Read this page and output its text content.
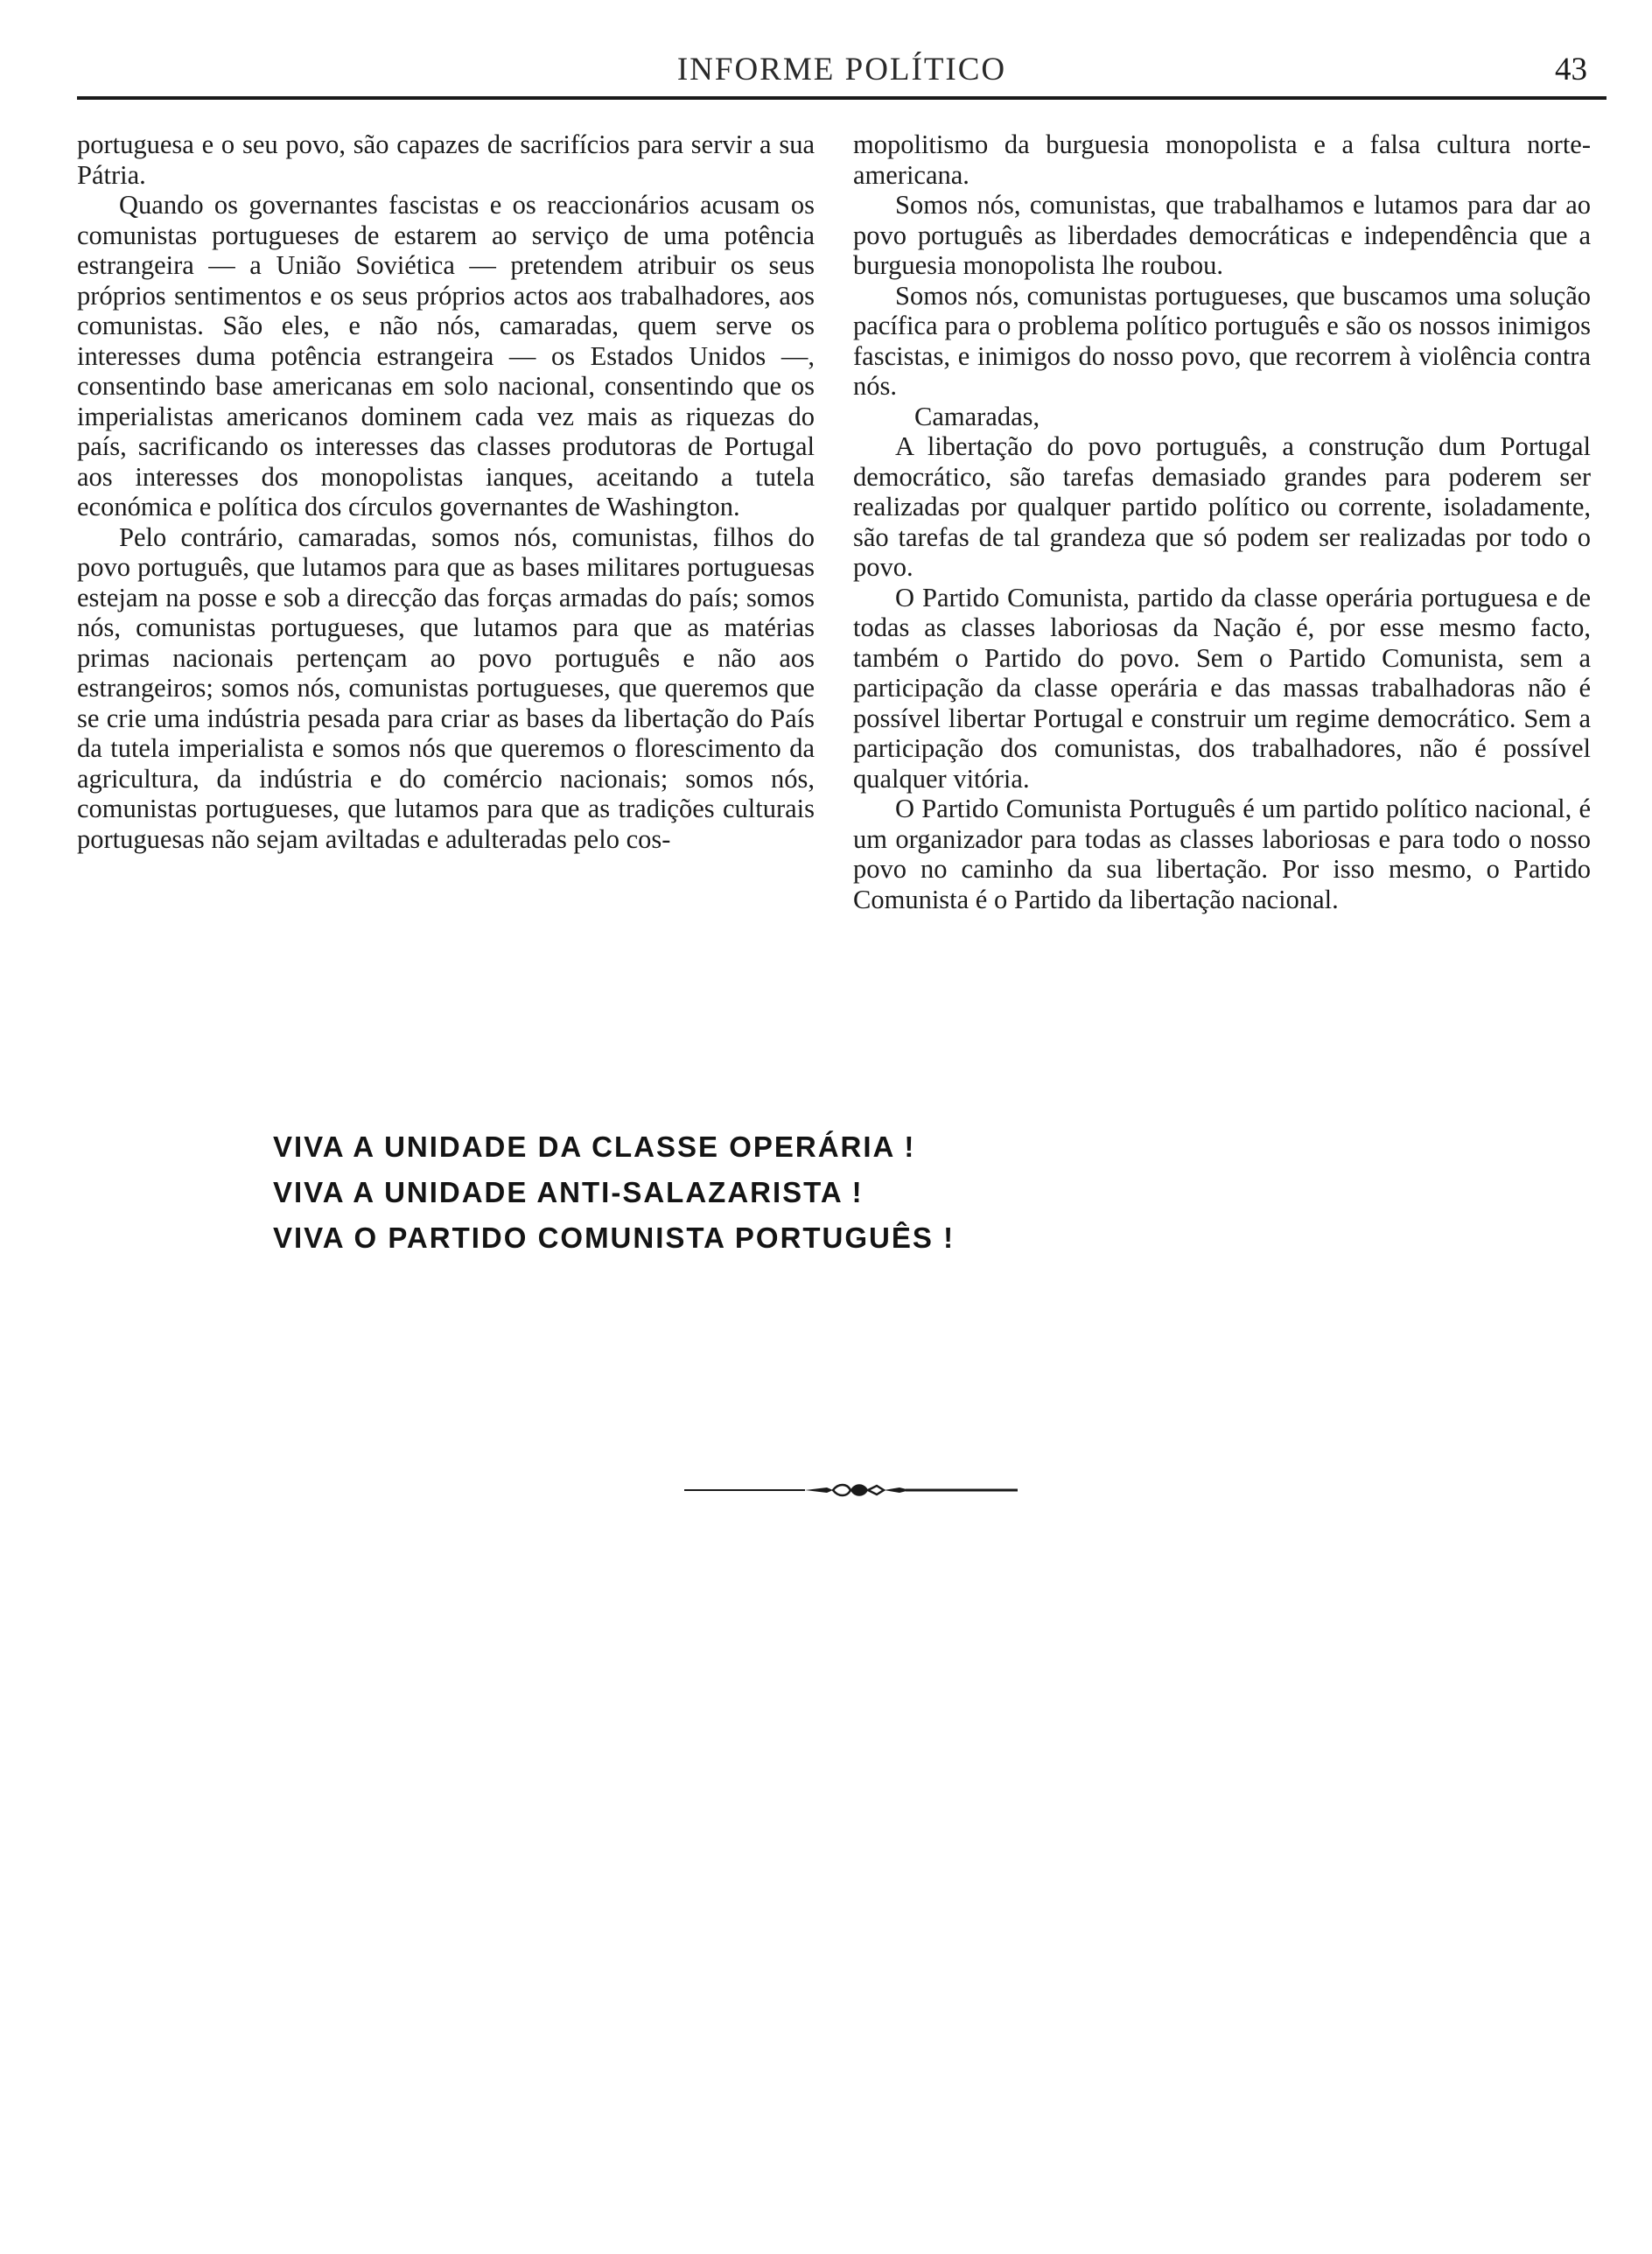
INFORME POLÍTICO	43

portuguesa e o seu povo, são capazes de sacrifícios para servir a sua Pátria.

Quando os governantes fascistas e os reaccionários acusam os comunistas portugueses de estarem ao serviço de uma potência estrangeira — a União Soviética — pretendem atribuir os seus próprios sentimentos e os seus próprios actos aos trabalhadores, aos comunistas. São eles, e não nós, camaradas, quem serve os interesses duma potência estrangeira — os Estados Unidos —, consentindo base americanas em solo nacional, consentindo que os imperialistas americanos dominem cada vez mais as riquezas do país, sacrificando os interesses das classes produtoras de Portugal aos interesses dos monopolistas ianques, aceitando a tutela económica e política dos círculos governantes de Washington.

Pelo contrário, camaradas, somos nós, comunistas, filhos do povo português, que lutamos para que as bases militares portuguesas estejam na posse e sob a direcção das forças armadas do país; somos nós, comunistas portugueses, que lutamos para que as matérias primas nacionais pertençam ao povo português e não aos estrangeiros; somos nós, comunistas portugueses, que queremos que se crie uma indústria pesada para criar as bases da libertação do País da tutela imperialista e somos nós que queremos o florescimento da agricultura, da indústria e do comércio nacionais; somos nós, comunistas portugueses, que lutamos para que as tradições culturais portuguesas não sejam aviltadas e adulteradas pelo cos-

mopolitismo da burguesia monopolista e a falsa cultura norte-americana.

Somos nós, comunistas, que trabalhamos e lutamos para dar ao povo português as liberdades democráticas e independência que a burguesia monopolista lhe roubou.

Somos nós, comunistas portugueses, que buscamos uma solução pacífica para o problema político português e são os nossos inimigos fascistas, e inimigos do nosso povo, que recorrem à violência contra nós.

Camaradas,

A libertação do povo português, a construção dum Portugal democrático, são tarefas demasiado grandes para poderem ser realizadas por qualquer partido político ou corrente, isoladamente, são tarefas de tal grandeza que só podem ser realizadas por todo o povo.

O Partido Comunista, partido da classe operária portuguesa e de todas as classes laboriosas da Nação é, por esse mesmo facto, também o Partido do povo. Sem o Partido Comunista, sem a participação da classe operária e das massas trabalhadoras não é possível libertar Portugal e construir um regime democrático. Sem a participação dos comunistas, dos trabalhadores, não é possível qualquer vitória.

O Partido Comunista Português é um partido político nacional, é um organizador para todas as classes laboriosas e para todo o nosso povo no caminho da sua libertação. Por isso mesmo, o Partido Comunista é o Partido da libertação nacional.

VIVA A UNIDADE DA CLASSE OPERÁRIA !
VIVA A UNIDADE ANTI-SALAZARISTA !
VIVA O PARTIDO COMUNISTA PORTUGUÊS !
